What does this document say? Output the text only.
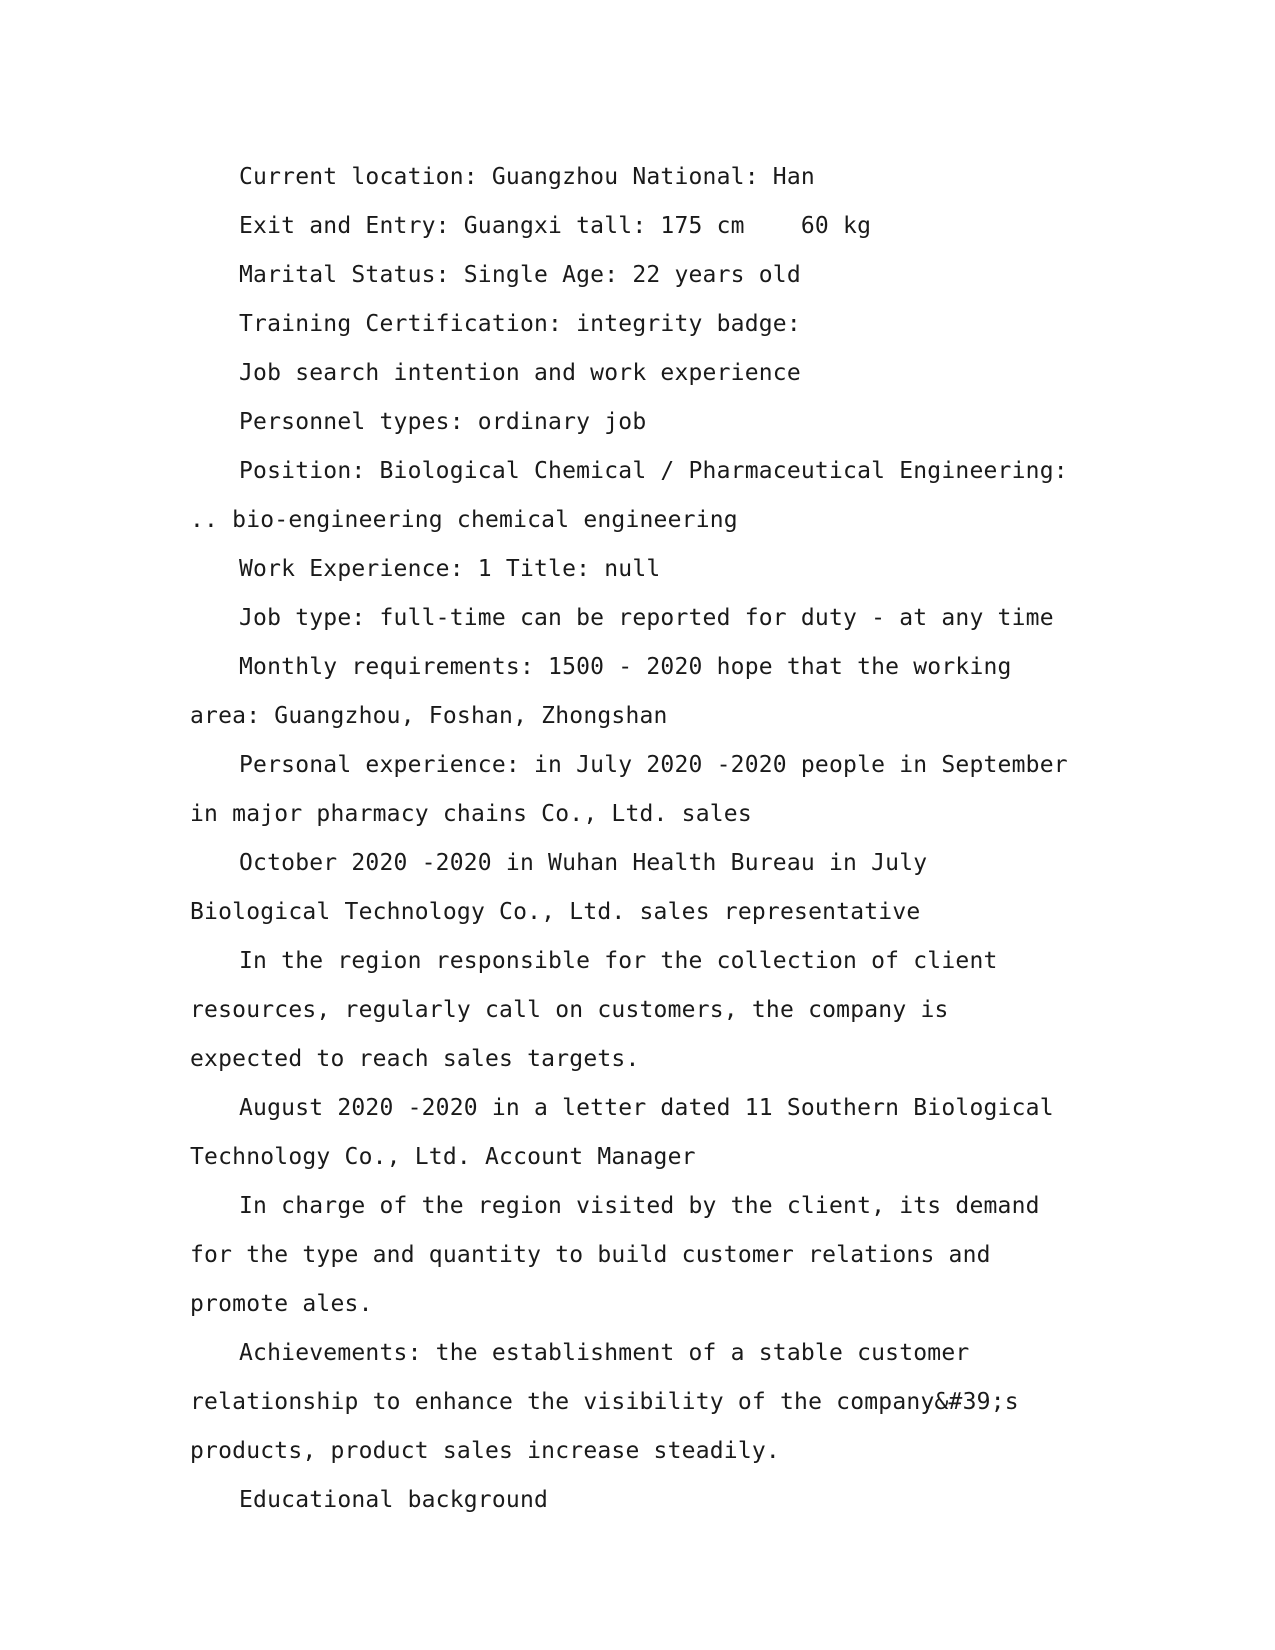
Current location: Guangzhou National: Han

Exit and Entry: Guangxi tall: 175 cm    60 kg

Marital Status: Single Age: 22 years old

Training Certification: integrity badge:

Job search intention and work experience

Personnel types: ordinary job

Position: Biological Chemical / Pharmaceutical Engineering: .. bio-engineering chemical engineering

Work Experience: 1 Title: null

Job type: full-time can be reported for duty - at any time

Monthly requirements: 1500 - 2020 hope that the working area: Guangzhou, Foshan, Zhongshan

Personal experience: in July 2020 -2020 people in September in major pharmacy chains Co., Ltd. sales

October 2020 -2020 in Wuhan Health Bureau in July Biological Technology Co., Ltd. sales representative

In the region responsible for the collection of client resources, regularly call on customers, the company is expected to reach sales targets.

August 2020 -2020 in a letter dated 11 Southern Biological Technology Co., Ltd. Account Manager

In charge of the region visited by the client, its demand for the type and quantity to build customer relations and promote ales.

Achievements: the establishment of a stable customer relationship to enhance the visibility of the company&#39;s products, product sales increase steadily.

Educational background
